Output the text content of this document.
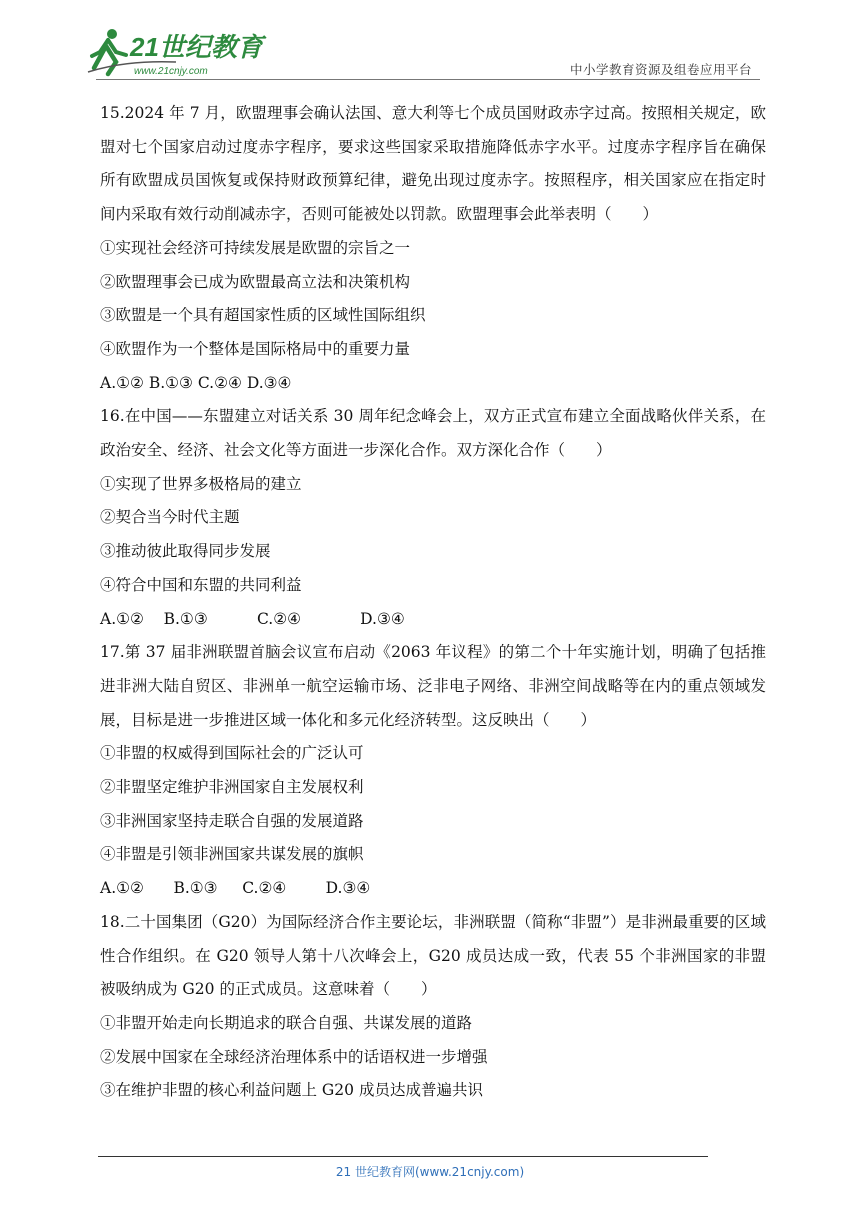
21世纪教育
www.21cnjy.com	中小学教育资源及组卷应用平台

15.2024 年 7 月，欧盟理事会确认法国、意大利等七个成员国财政赤字过高。按照相关规定，欧盟对七个国家启动过度赤字程序，要求这些国家采取措施降低赤字水平。过度赤字程序旨在确保所有欧盟成员国恢复或保持财政预算纪律，避免出现过度赤字。按照程序，相关国家应在指定时间内采取有效行动削减赤字，否则可能被处以罚款。欧盟理事会此举表明（　　）

①实现社会经济可持续发展是欧盟的宗旨之一

②欧盟理事会已成为欧盟最高立法和决策机构

③欧盟是一个具有超国家性质的区域性国际组织

④欧盟作为一个整体是国际格局中的重要力量

A.①② B.①③ C.②④ D.③④

16.在中国——东盟建立对话关系 30 周年纪念峰会上，双方正式宣布建立全面战略伙伴关系，在政治安全、经济、社会文化等方面进一步深化合作。双方深化合作（　　）

①实现了世界多极格局的建立

②契合当今时代主题

③推动彼此取得同步发展

④符合中国和东盟的共同利益

A.①②    B.①③          C.②④            D.③④

17.第 37 届非洲联盟首脑会议宣布启动《2063 年议程》的第二个十年实施计划，明确了包括推进非洲大陆自贸区、非洲单一航空运输市场、泛非电子网络、非洲空间战略等在内的重点领域发展，目标是进一步推进区域一体化和多元化经济转型。这反映出（　　）

①非盟的权威得到国际社会的广泛认可

②非盟坚定维护非洲国家自主发展权利

③非洲国家坚持走联合自强的发展道路

④非盟是引领非洲国家共谋发展的旗帜

A.①②      B.①③     C.②④        D.③④

18.二十国集团（G20）为国际经济合作主要论坛，非洲联盟（简称“非盟”）是非洲最重要的区域性合作组织。在 G20 领导人第十八次峰会上，G20 成员达成一致，代表 55 个非洲国家的非盟被吸纳成为 G20 的正式成员。这意味着（　　）

①非盟开始走向长期追求的联合自强、共谋发展的道路

②发展中国家在全球经济治理体系中的话语权进一步增强

③在维护非盟的核心利益问题上 G20 成员达成普遍共识

21 世纪教育网(www.21cnjy.com)
